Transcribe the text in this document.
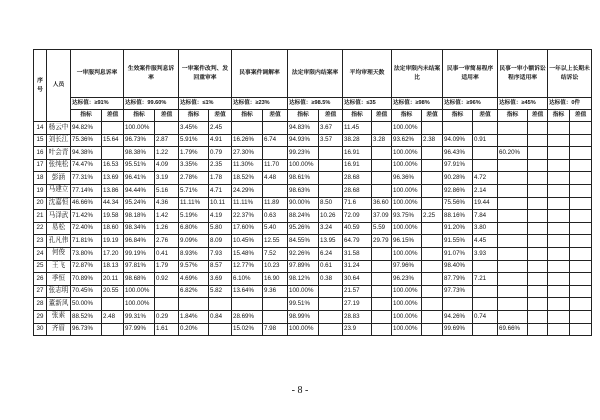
序号	人员	一审服判息诉率		生效案件服判息诉率		一审案件改判、发回重审率		民事案件调解率		法定审限内结案率		平均审理天数		法定审限内未结案比		民事一审简易程序适用率		民事一审小额诉讼程序适用率		一年以上长期未结诉讼	
		达标值：≥91%		达标值：99.60%		达标值：≤1%		达标值：≥23%		达标值：≥98.5%		达标值：≤35		达标值：≥98%		达标值：≥96%		达标值：≥45%		达标值：0件	
		指标	差值	指标	差值	指标	差值	指标	差值	指标	差值	指标	差值	指标	差值	指标	差值	指标	差值	指标	差值
14	杨云中	94.82%		100.00%		3.45%	2.45			94.83%	3.67	11.45		100.00%							
15	刘长江	75.36%	15.64	96.73%	2.87	5.91%	4.91	16.26%	6.74	94.93%	3.57	38.28	3.28	93.62%	2.38	94.09%	0.91				
16	叶会青	94.38%		98.38%	1.22	1.79%	0.79	27.30%		99.23%		16.91		100.00%		96.43%		60.20%			
17	张纯松	74.47%	16.53	95.51%	4.09	3.35%	2.35	11.30%	11.70	100.00%		16.91		100.00%		97.91%					
18	彭涵	77.31%	13.69	96.41%	3.19	2.78%	1.78	18.52%	4.48	98.61%		28.68		96.36%		90.28%	4.72				
19	马建立	77.14%	13.86	94.44%	5.16	5.71%	4.71	24.29%		98.63%		28.68		100.00%		92.86%	2.14				
20	沈嘉恒	46.66%	44.34	95.24%	4.36	11.11%	10.11	11.11%	11.89	90.00%	8.50	71.6	36.60	100.00%		75.56%	19.44				
21	马泽武	71.42%	19.58	98.18%	1.42	5.19%	4.19	22.37%	0.63	88.24%	10.26	72.09	37.09	93.75%	2.25	88.16%	7.84				
22	易松	72.40%	18.60	98.34%	1.26	6.80%	5.80	17.60%	5.40	95.26%	3.24	40.59	5.59	100.00%		91.20%	3.80				
23	孔凡伟	71.81%	19.19	96.84%	2.76	9.09%	8.09	10.45%	12.55	84.55%	13.95	64.79	29.79	96.15%		91.55%	4.45				
24	何俊	73.80%	17.20	99.19%	0.41	8.93%	7.93	15.48%	7.52	92.26%	6.24	31.58		100.00%		91.07%	3.93				
25	王飞	72.87%	18.13	97.81%	1.79	9.57%	8.57	12.77%	10.23	97.89%	0.61	31.24		97.96%		98.40%					
26	季恒	70.89%	20.11	98.68%	0.92	4.69%	3.69	6.10%	16.90	98.12%	0.38	30.64		96.23%		87.79%	7.21				
27	张志明	70.45%	20.55	100.00%		6.82%	5.82	13.64%	9.36	100.00%		21.57		100.00%		97.73%					
28	董新风	50.00%		100.00%						99.51%		27.19		100.00%							
29	张素	88.52%	2.48	99.31%	0.29	1.84%	0.84	28.69%		98.99%		28.83		100.00%		94.26%	0.74				
30	齐眉	96.73%		97.99%	1.61	0.20%		15.02%	7.98	100.00%		23.9		100.00%		99.69%		69.66%			
- 8 -
